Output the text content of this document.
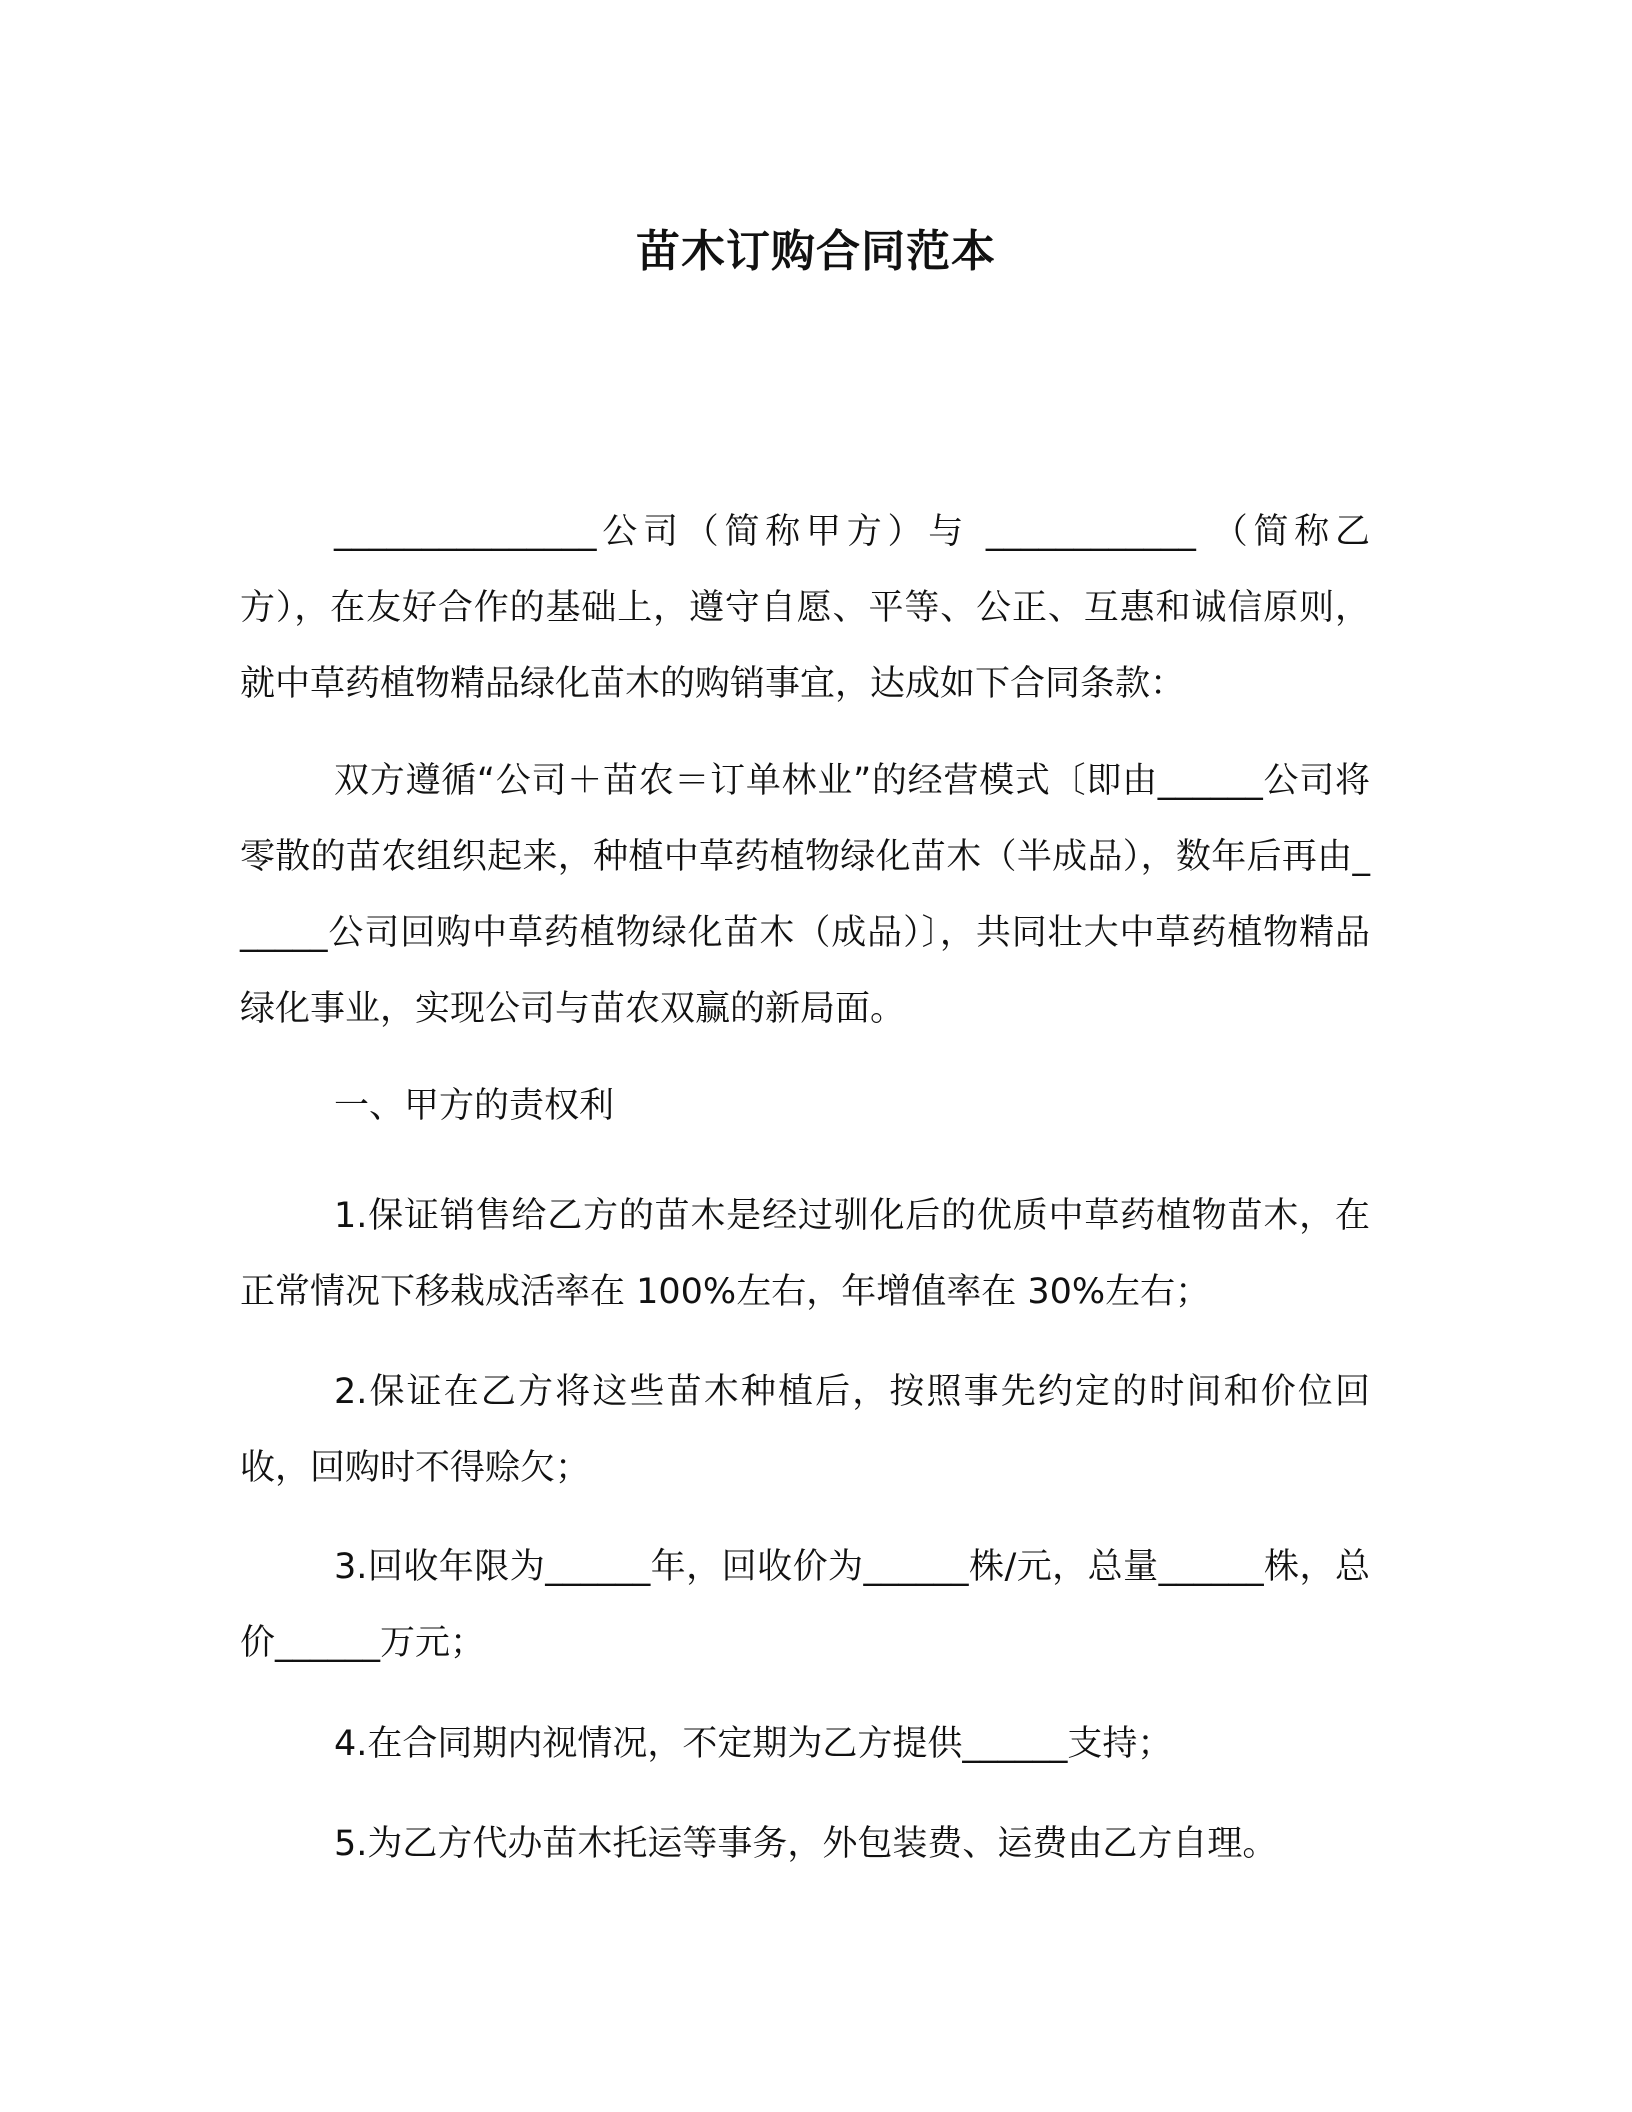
苗木订购合同范本

_______________公司（简称甲方）与 ____________ （简称乙方），在友好合作的基础上，遵守自愿、平等、公正、互惠和诚信原则，就中草药植物精品绿化苗木的购销事宜，达成如下合同条款：

双方遵循“公司＋苗农＝订单林业”的经营模式〔即由______公司将零散的苗农组织起来，种植中草药植物绿化苗木（半成品），数年后再由______公司回购中草药植物绿化苗木（成品）〕，共同壮大中草药植物精品绿化事业，实现公司与苗农双赢的新局面。

一、甲方的责权利

1.保证销售给乙方的苗木是经过驯化后的优质中草药植物苗木，在正常情况下移栽成活率在 100%左右，年增值率在 30%左右；

2.保证在乙方将这些苗木种植后，按照事先约定的时间和价位回收，回购时不得赊欠；

3.回收年限为______年，回收价为______株/元，总量______株，总价______万元；

4.在合同期内视情况，不定期为乙方提供______支持；

5.为乙方代办苗木托运等事务，外包装费、运费由乙方自理。
